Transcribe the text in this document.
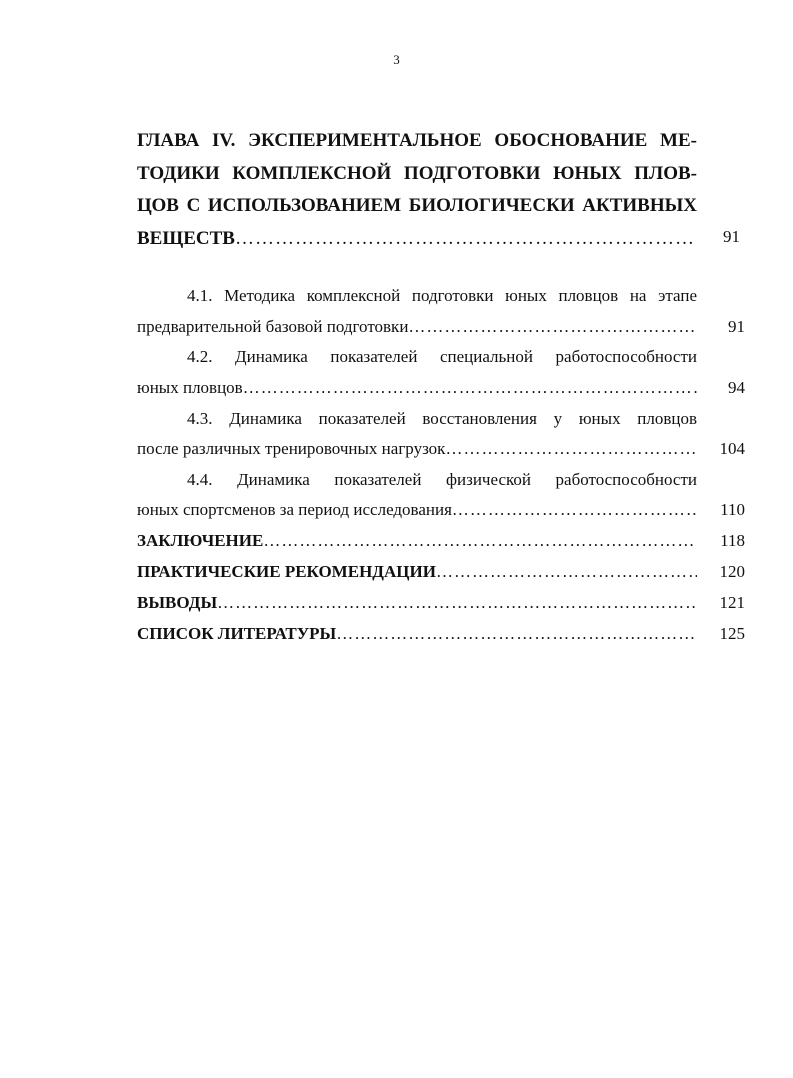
3
ГЛАВА IV. ЭКСПЕРИМЕНТАЛЬНОЕ ОБОСНОВАНИЕ МЕ-
ТОДИКИ КОМПЛЕКСНОЙ ПОДГОТОВКИ ЮНЫХ ПЛОВ-
ЦОВ С ИСПОЛЬЗОВАНИЕМ БИОЛОГИЧЕСКИ АКТИВНЫХ
ВЕЩЕСТВ ……………………………………………………………………………………………………………………………………………………………………………………………………………………………………………	91
4.1. Методика комплексной подготовки юных пловцов на этапе
предварительной базовой подготовки ……………………………………………………………………………………………………………………………………………………………………………………………………………………………………………	91
4.2. Динамика показателей специальной работоспособности
юных пловцов ……………………………………………………………………………………………………………………………………………………………………………………………………………………………………………	94
4.3. Динамика показателей восстановления у юных пловцов
после различных тренировочных нагрузок ……………………………………………………………………………………………………………………………………………………………………………………………………………………………………………	104
4.4. Динамика показателей физической работоспособности
юных спортсменов за период исследования ……………………………………………………………………………………………………………………………………………………………………………………………………………………………………………	110
ЗАКЛЮЧЕНИЕ ……………………………………………………………………………………………………………………………………………………………………………………………………………………………………………	118
ПРАКТИЧЕСКИЕ РЕКОМЕНДАЦИИ ……………………………………………………………………………………………………………………………………………………………………………………………………………………………………………	120
ВЫВОДЫ ……………………………………………………………………………………………………………………………………………………………………………………………………………………………………………	121
СПИСОК ЛИТЕРАТУРЫ ……………………………………………………………………………………………………………………………………………………………………………………………………………………………………………	125
